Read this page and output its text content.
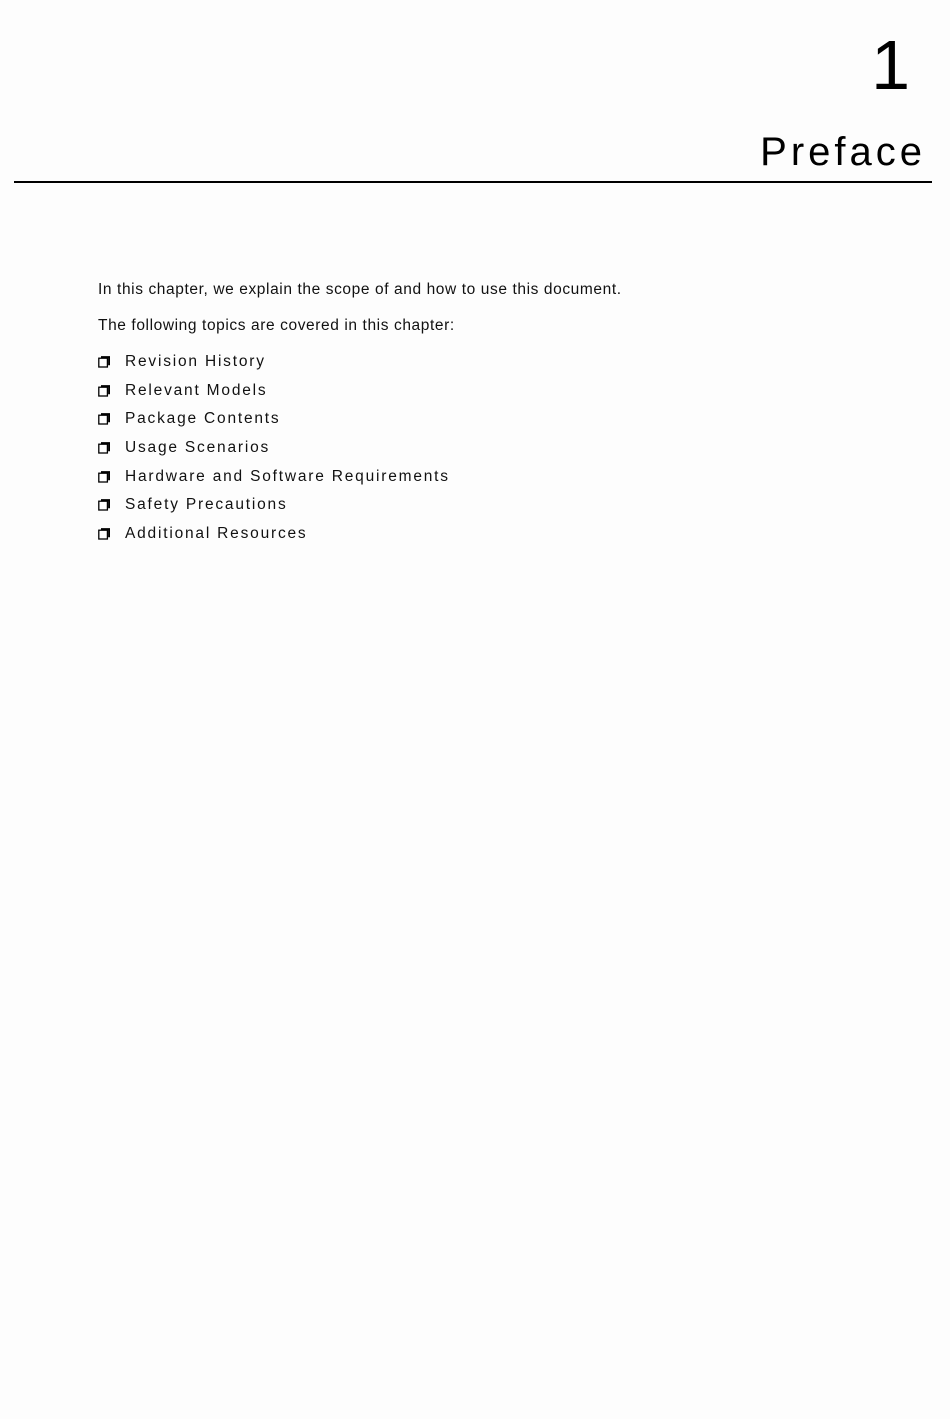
1
Preface

In this chapter, we explain the scope of and how to use this document.

The following topics are covered in this chapter:

Revision History
Relevant Models
Package Contents
Usage Scenarios
Hardware and Software Requirements
Safety Precautions
Additional Resources
